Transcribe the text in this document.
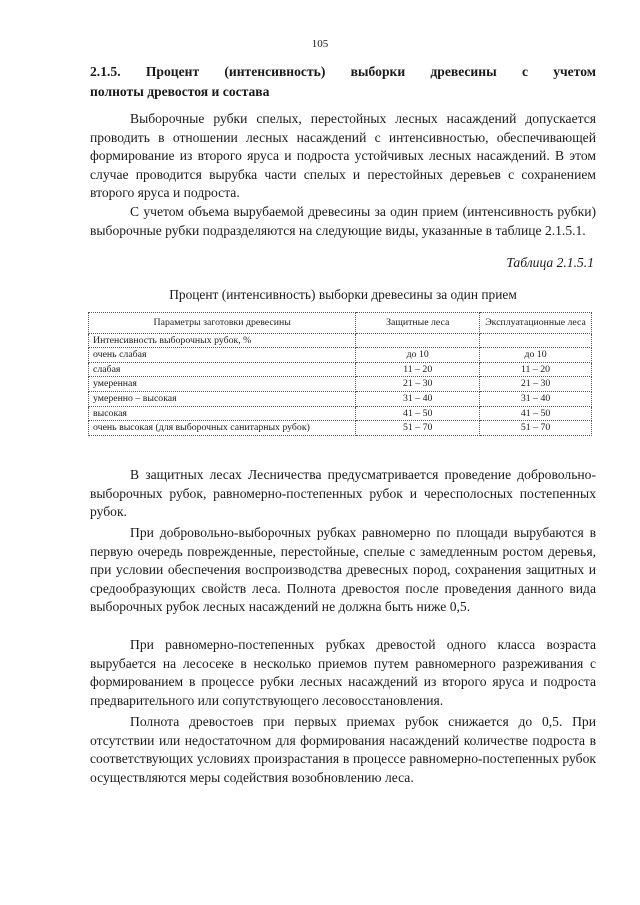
105
2.1.5. Процент (интенсивность) выборки древесины с учетом
полноты древостоя и состава

Выборочные рубки спелых, перестойных лесных насаждений допускается проводить в отношении лесных насаждений с интенсивностью, обеспечивающей формирование из второго яруса и подроста устойчивых лесных насаждений. В этом случае проводится вырубка части спелых и перестойных деревьев с сохранением второго яруса и подроста.

С учетом объема вырубаемой древесины за один прием (интенсивность рубки) выборочные рубки подразделяются на следующие виды, указанные в таблице 2.1.5.1.

Таблица 2.1.5.1
Процент (интенсивность) выборки древесины за один прием
Параметры заготовки древесины	Защитные леса	Эксплуатационные леса
Интенсивность выборочных рубок, %		
очень слабая	до 10	до 10
слабая	11 – 20	11 – 20
умеренная	21 – 30	21 – 30
умеренно – высокая	31 – 40	31 – 40
высокая	41 – 50	41 – 50
очень высокая (для выборочных санитарных рубок)	51 – 70	51 – 70

В защитных лесах Лесничества предусматривается проведение добровольно-выборочных рубок, равномерно-постепенных рубок и чересполосных постепенных рубок.

При добровольно-выборочных рубках равномерно по площади вырубаются в первую очередь поврежденные, перестойные, спелые с замедленным ростом деревья, при условии обеспечения воспроизводства древесных пород, сохранения защитных и средообразующих свойств леса. Полнота древостоя после проведения данного вида выборочных рубок лесных насаждений не должна быть ниже 0,5.

При равномерно-постепенных рубках древостой одного класса возраста вырубается на лесосеке в несколько приемов путем равномерного разреживания с формированием в процессе рубки лесных насаждений из второго яруса и подроста предварительного или сопутствующего лесовосстановления.

Полнота древостоев при первых приемах рубок снижается до 0,5. При отсутствии или недостаточном для формирования насаждений количестве подроста в соответствующих условиях произрастания в процессе равномерно-постепенных рубок осуществляются меры содействия возобновлению леса.
